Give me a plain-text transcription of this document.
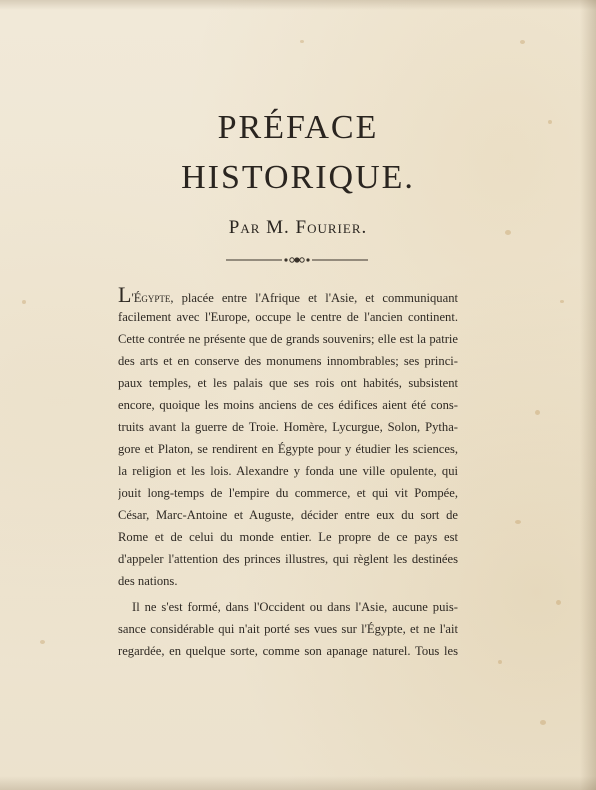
PRÉFACE
HISTORIQUE.
Par M. Fourier.

L'Égypte, placée entre l'Afrique et l'Asie, et communiquant
facilement avec l'Europe, occupe le centre de l'ancien continent.
Cette contrée ne présente que de grands souvenirs; elle est la patrie
des arts et en conserve des monumens innombrables; ses princi-
paux temples, et les palais que ses rois ont habités, subsistent
encore, quoique les moins anciens de ces édifices aient été cons-
truits avant la guerre de Troie. Homère, Lycurgue, Solon, Pytha-
gore et Platon, se rendirent en Égypte pour y étudier les sciences,
la religion et les lois. Alexandre y fonda une ville opulente, qui
jouit long-temps de l'empire du commerce, et qui vit Pompée,
César, Marc-Antoine et Auguste, décider entre eux du sort de
Rome et de celui du monde entier. Le propre de ce pays est
d'appeler l'attention des princes illustres, qui règlent les destinées
des nations.

Il ne s'est formé, dans l'Occident ou dans l'Asie, aucune puis-
sance considérable qui n'ait porté ses vues sur l'Égypte, et ne l'ait
regardée, en quelque sorte, comme son apanage naturel. Tous les
